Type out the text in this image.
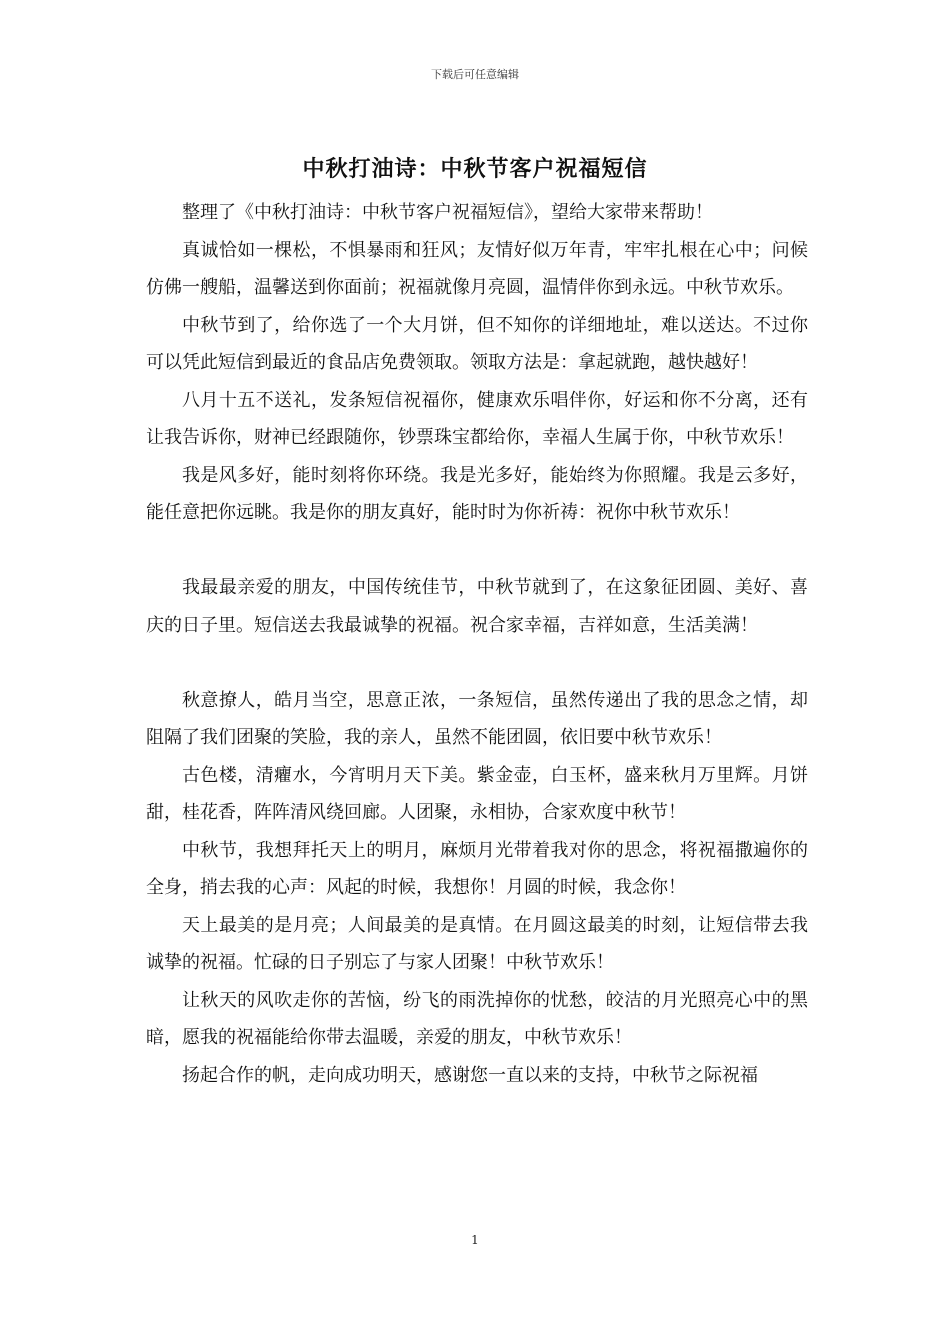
下载后可任意编辑
中秋打油诗：中秋节客户祝福短信

整理了《中秋打油诗：中秋节客户祝福短信》，望给大家带来帮助！

真诚恰如一棵松，不惧暴雨和狂风；友情好似万年青，牢牢扎根在心中；问候仿佛一艘船，温馨送到你面前；祝福就像月亮圆，温情伴你到永远。中秋节欢乐。

中秋节到了，给你选了一个大月饼，但不知你的详细地址，难以送达。不过你可以凭此短信到最近的食品店免费领取。领取方法是：拿起就跑，越快越好！

八月十五不送礼，发条短信祝福你，健康欢乐唱伴你，好运和你不分离，还有让我告诉你，财神已经跟随你，钞票珠宝都给你，幸福人生属于你，中秋节欢乐！

我是风多好，能时刻将你环绕。我是光多好，能始终为你照耀。我是云多好，能任意把你远眺。我是你的朋友真好，能时时为你祈祷：祝你中秋节欢乐！

我最最亲爱的朋友，中国传统佳节，中秋节就到了，在这象征团圆、美好、喜庆的日子里。短信送去我最诚挚的祝福。祝合家幸福，吉祥如意，生活美满！

秋意撩人，皓月当空，思意正浓，一条短信，虽然传递出了我的思念之情，却阻隔了我们团聚的笑脸，我的亲人，虽然不能团圆，依旧要中秋节欢乐！

古色楼，清癯水，今宵明月天下美。紫金壶，白玉杯，盛来秋月万里辉。月饼甜，桂花香，阵阵清风绕回廊。人团聚，永相协，合家欢度中秋节！

中秋节，我想拜托天上的明月，麻烦月光带着我对你的思念，将祝福撒遍你的全身，捎去我的心声：风起的时候，我想你！月圆的时候，我念你！

天上最美的是月亮；人间最美的是真情。在月圆这最美的时刻，让短信带去我诚挚的祝福。忙碌的日子别忘了与家人团聚！中秋节欢乐！

让秋天的风吹走你的苦恼，纷飞的雨洗掉你的忧愁，皎洁的月光照亮心中的黑暗，愿我的祝福能给你带去温暖，亲爱的朋友，中秋节欢乐！

扬起合作的帆，走向成功明天，感谢您一直以来的支持，中秋节之际祝福

1
